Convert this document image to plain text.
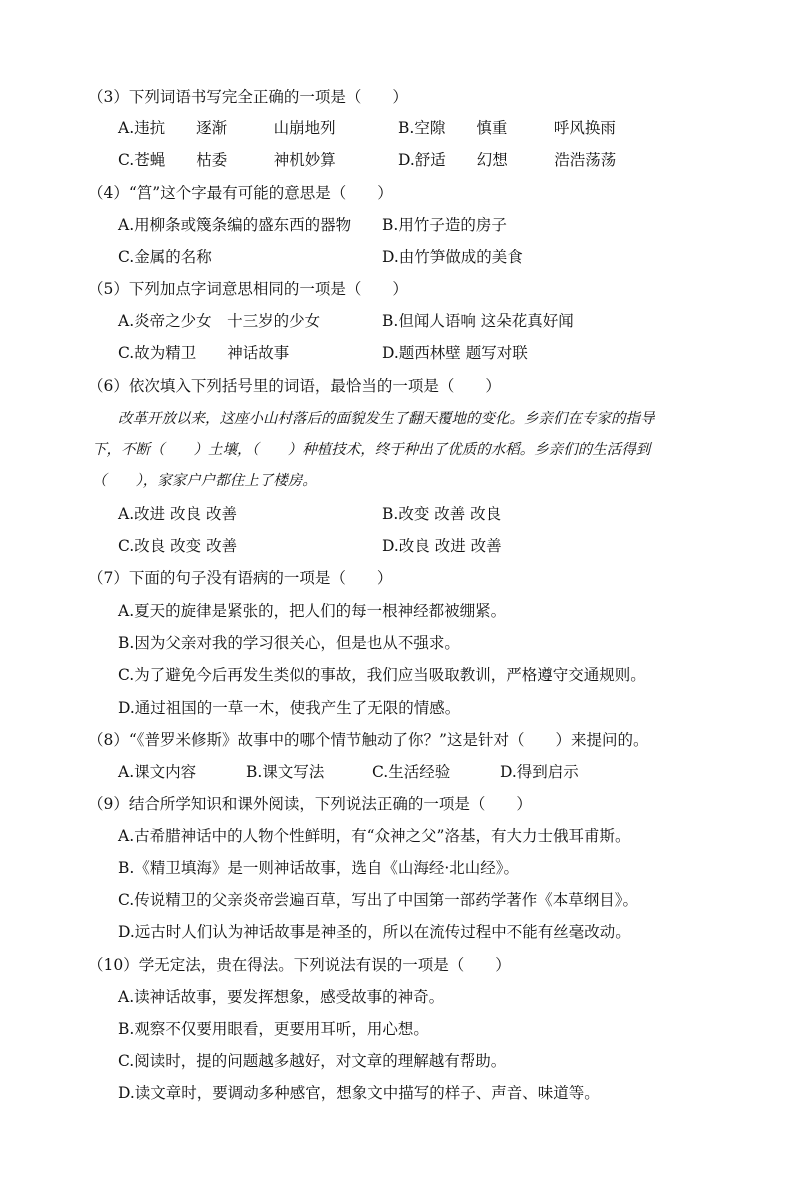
（3）下列词语书写完全正确的一项是（　　）
A.违抗　　逐渐　　　山崩地列	B.空隙　　慎重　　　呼风换雨
C.苍蝇　　枯委　　　神机妙算	D.舒适　　幻想　　　浩浩荡荡
（4）“筥”这个字最有可能的意思是（　　）
A.用柳条或篾条编的盛东西的器物 B.用竹子造的房子
C.金属的名称	D.由竹笋做成的美食
（5）下列加点字词意思相同的一项是（　　）
A.炎帝之少女　十三岁的少女	B.但闻人语响 这朵花真好闻
C.故为精卫　　神话故事	D.题西林壁 题写对联
（6）依次填入下列括号里的词语，最恰当的一项是（　　）
改革开放以来，这座小山村落后的面貌发生了翻天覆地的变化。乡亲们在专家的指导
下，不断（　　）土壤，（　　）种植技术，终于种出了优质的水稻。乡亲们的生活得到
（　　），家家户户都住上了楼房。
A.改进 改良 改善	B.改变 改善 改良
C.改良 改变 改善	D.改良 改进 改善
（7）下面的句子没有语病的一项是（　　）
A.夏天的旋律是紧张的，把人们的每一根神经都被绷紧。
B.因为父亲对我的学习很关心，但是也从不强求。
C.为了避免今后再发生类似的事故，我们应当吸取教训，严格遵守交通规则。
D.通过祖国的一草一木，使我产生了无限的情感。
（8）“《普罗米修斯》故事中的哪个情节触动了你？”这是针对（　　）来提问的。
A.课文内容	B.课文写法	C.生活经验	D.得到启示
（9）结合所学知识和课外阅读，下列说法正确的一项是（　　）
A.古希腊神话中的人物个性鲜明，有“众神之父”洛基，有大力士俄耳甫斯。
B.《精卫填海》是一则神话故事，选自《山海经·北山经》。
C.传说精卫的父亲炎帝尝遍百草，写出了中国第一部药学著作《本草纲目》。
D.远古时人们认为神话故事是神圣的，所以在流传过程中不能有丝毫改动。
（10）学无定法，贵在得法。下列说法有误的一项是（　　）
A.读神话故事，要发挥想象，感受故事的神奇。
B.观察不仅要用眼看，更要用耳听，用心想。
C.阅读时，提的问题越多越好，对文章的理解越有帮助。
D.读文章时，要调动多种感官，想象文中描写的样子、声音、味道等。
